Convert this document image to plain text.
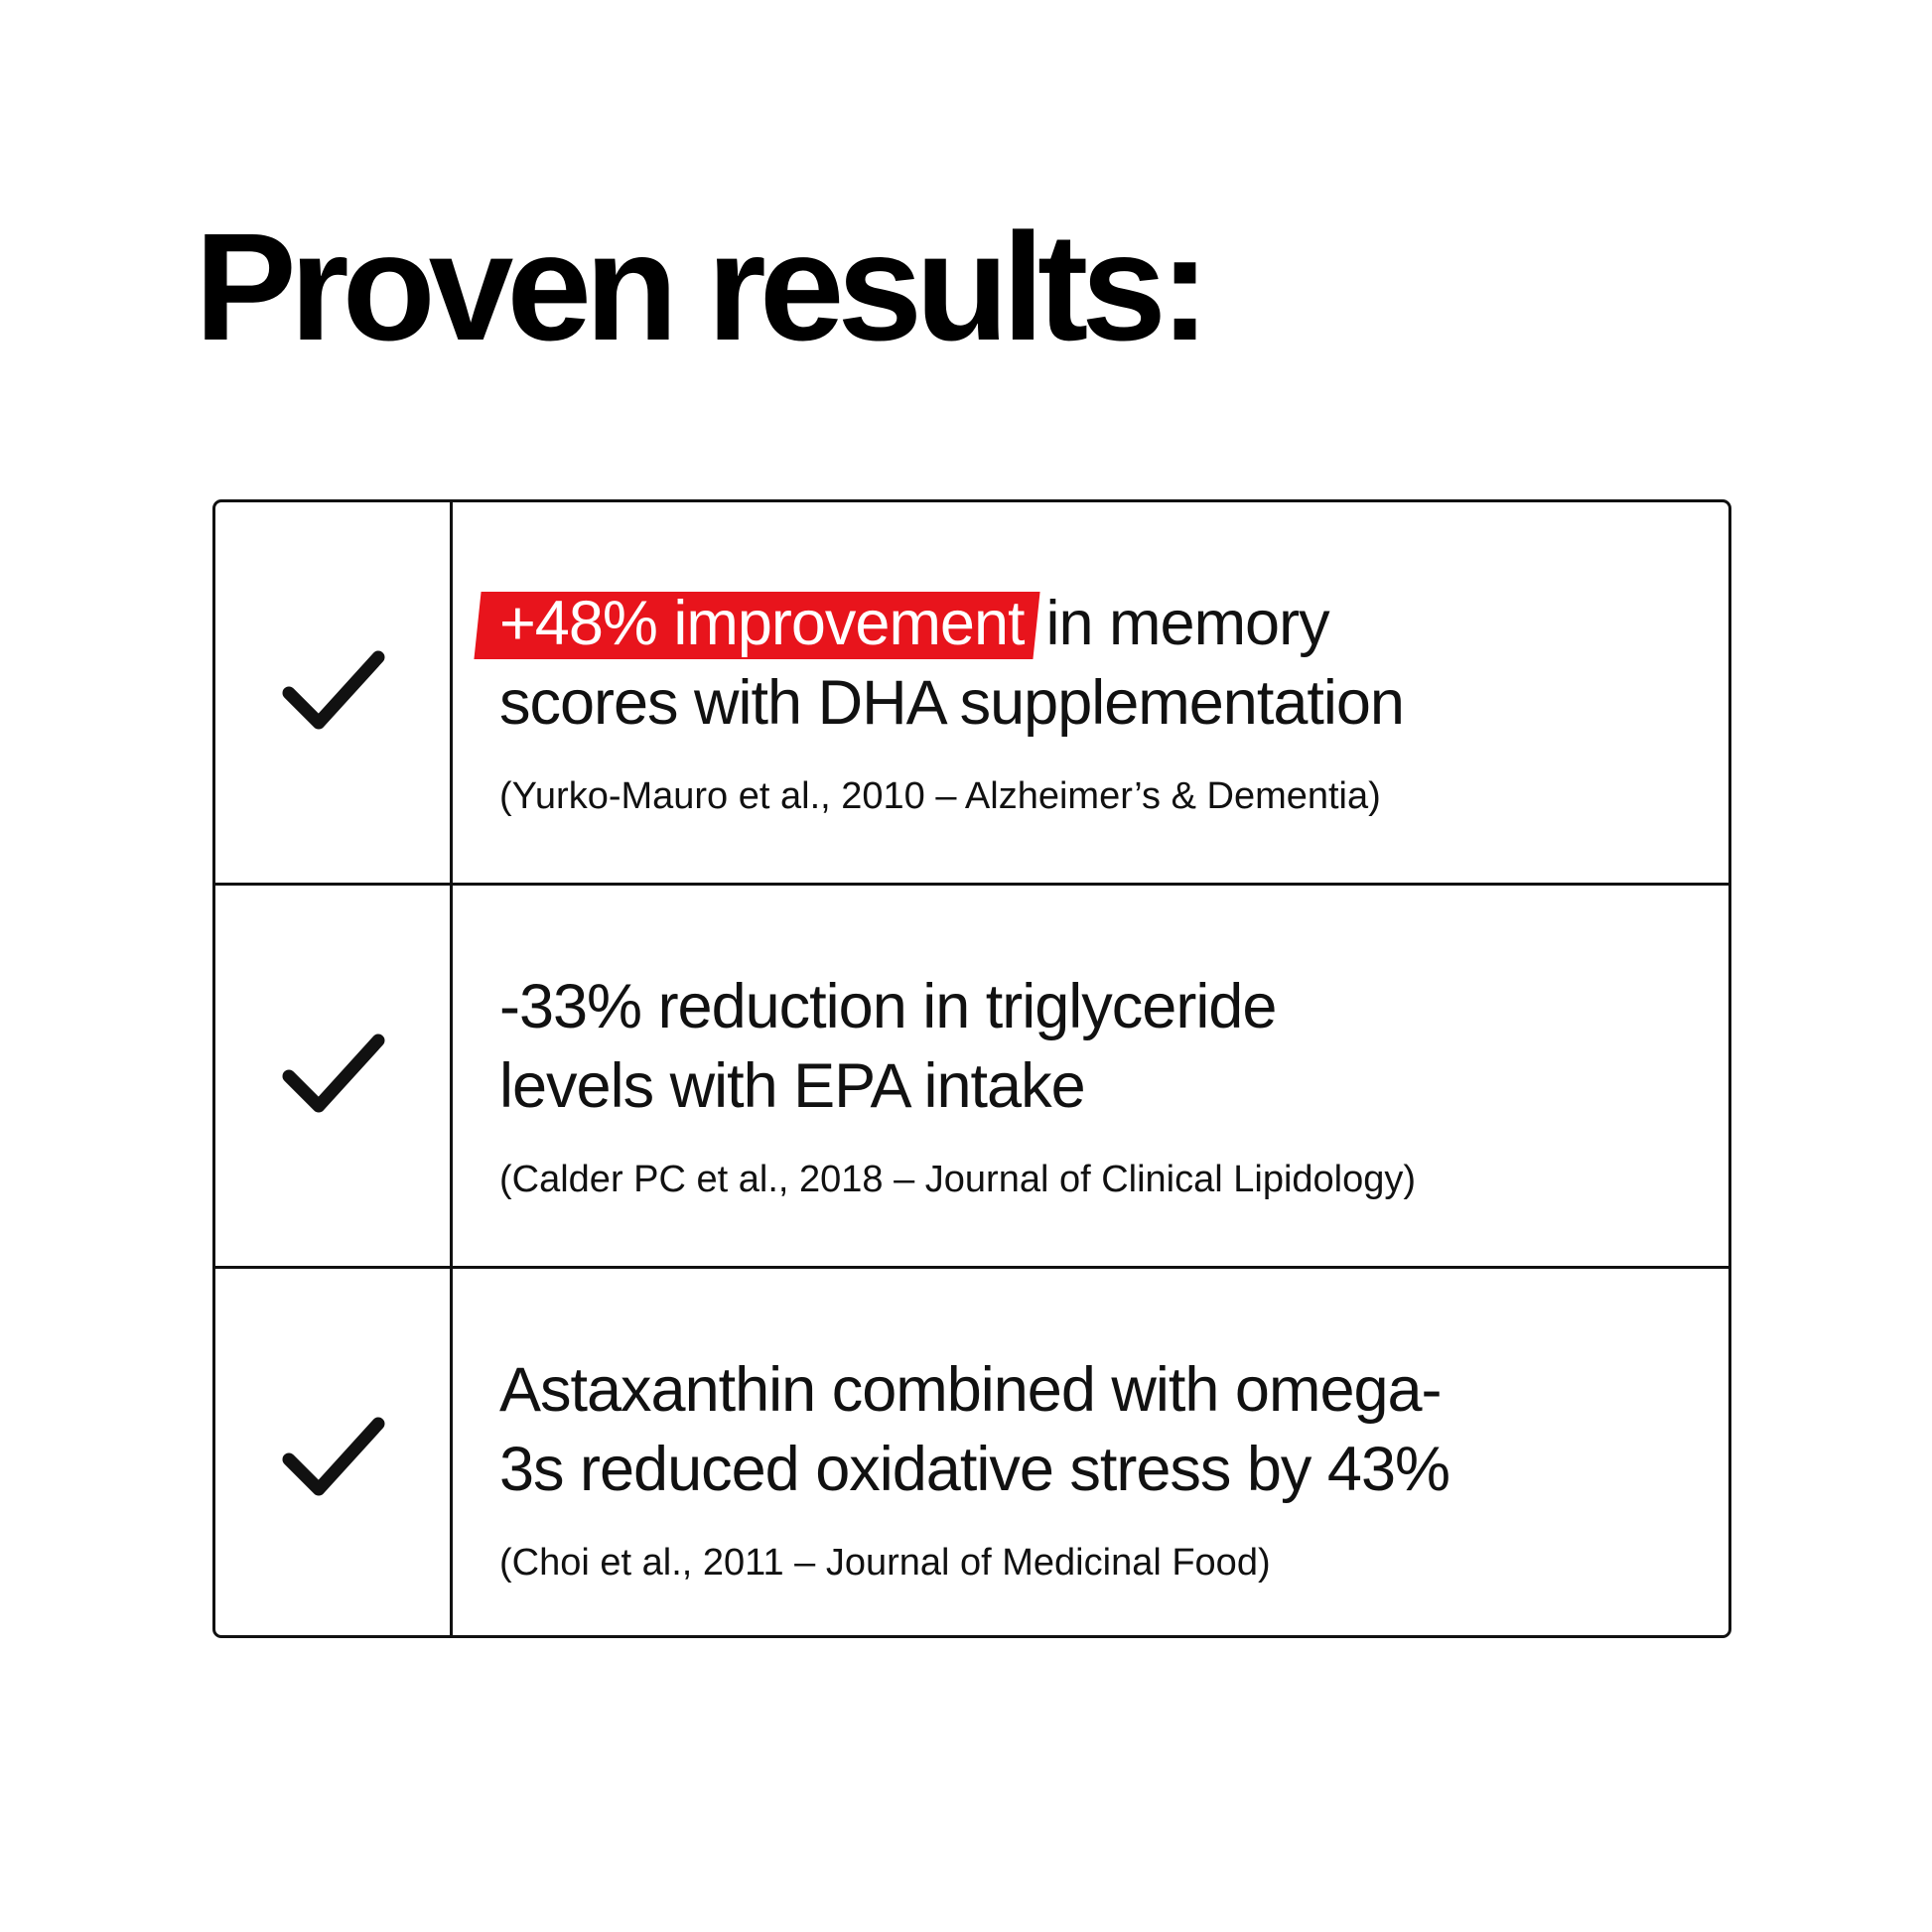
Proven results:

+48% improvement in memory
scores with DHA supplementation

(Yurko-Mauro et al., 2010 – Alzheimer’s & Dementia)

-33% reduction in triglyceride
levels with EPA intake

(Calder PC et al., 2018 – Journal of Clinical Lipidology)

Astaxanthin combined with omega-
3s reduced oxidative stress by 43%

(Choi et al., 2011 – Journal of Medicinal Food)
